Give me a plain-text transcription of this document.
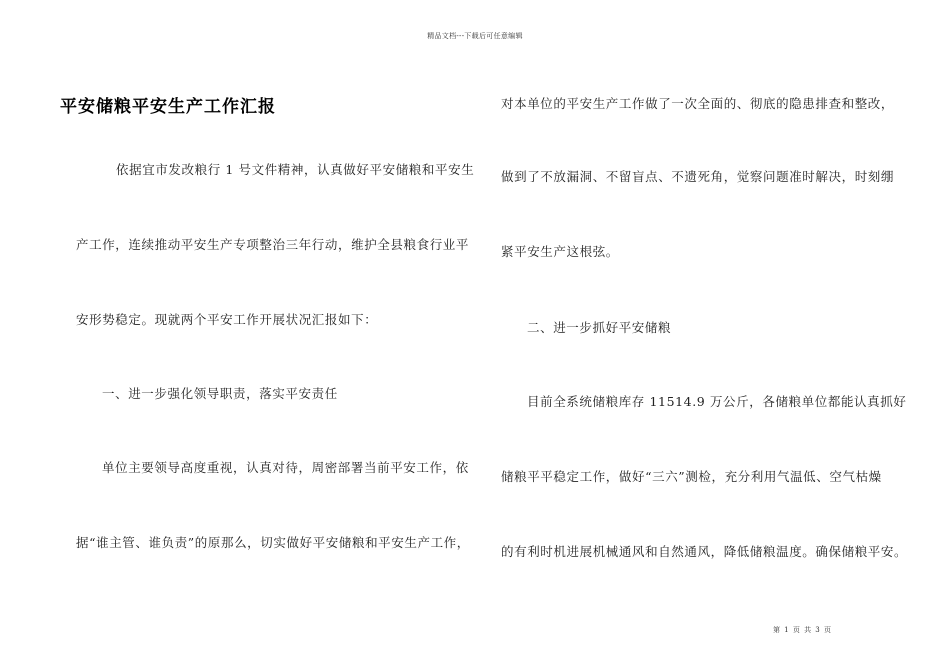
精品文档---下载后可任意编辑
平安储粮平安生产工作汇报
依据宜市发改粮行 1 号文件精神，认真做好平安储粮和平安生
产工作，连续推动平安生产专项整治三年行动，维护全县粮食行业平
安形势稳定。现就两个平安工作开展状况汇报如下：
一、进一步强化领导职责，落实平安责任
单位主要领导高度重视，认真对待，周密部署当前平安工作，依
据“谁主管、谁负责”的原那么，切实做好平安储粮和平安生产工作，
对本单位的平安生产工作做了一次全面的、彻底的隐患排查和整改，
做到了不放漏洞、不留盲点、不遗死角，觉察问题准时解决，时刻绷
紧平安生产这根弦。
二、进一步抓好平安储粮
目前全系统储粮库存 11514.9 万公斤，各储粮单位都能认真抓好
储粮平平稳定工作，做好“三六”测检，充分利用气温低、空气枯燥
的有利时机进展机械通风和自然通风，降低储粮温度。确保储粮平安。
第 1 页 共 3 页
